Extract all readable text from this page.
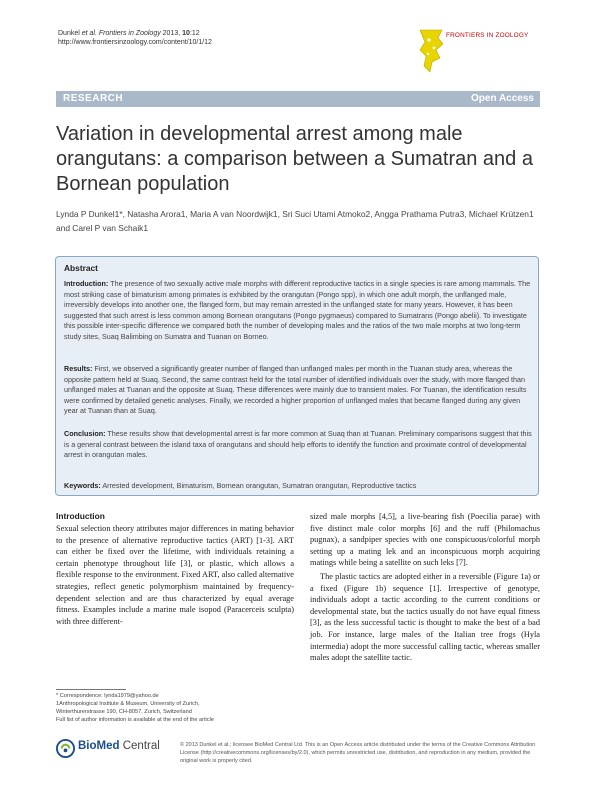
Dunkel et al. Frontiers in Zoology 2013, 10:12
http://www.frontiersinzoology.com/content/10/1/12
FRONTIERS IN ZOOLOGY
RESEARCH	Open Access
Variation in developmental arrest among male orangutans: a comparison between a Sumatran and a Bornean population
Lynda P Dunkel1*, Natasha Arora1, Maria A van Noordwijk1, Sri Suci Utami Atmoko2, Angga Prathama Putra3, Michael Krützen1 and Carel P van Schaik1
Abstract
Introduction: The presence of two sexually active male morphs with different reproductive tactics in a single species is rare among mammals. The most striking case of bimaturism among primates is exhibited by the orangutan (Pongo spp), in which one adult morph, the unflanged male, irreversibly develops into another one, the flanged form, but may remain arrested in the unflanged state for many years. However, it has been suggested that such arrest is less common among Bornean orangutans (Pongo pygmaeus) compared to Sumatrans (Pongo abelii). To investigate this possible inter-specific difference we compared both the number of developing males and the ratios of the two male morphs at two long-term study sites, Suaq Balimbing on Sumatra and Tuanan on Borneo.
Results: First, we observed a significantly greater number of flanged than unflanged males per month in the Tuanan study area, whereas the opposite pattern held at Suaq. Second, the same contrast held for the total number of identified individuals over the study, with more flanged than unflanged males at Tuanan and the opposite at Suaq. These differences were mainly due to transient males. For Tuanan, the identification results were confirmed by detailed genetic analyses. Finally, we recorded a higher proportion of unflanged males that became flanged during any given year at Tuanan than at Suaq.
Conclusion: These results show that developmental arrest is far more common at Suaq than at Tuanan. Preliminary comparisons suggest that this is a general contrast between the island taxa of orangutans and should help efforts to identify the function and proximate control of developmental arrest in orangutan males.
Keywords: Arrested development, Bimaturism, Bornean orangutan, Sumatran orangutan, Reproductive tactics
Introduction

Sexual selection theory attributes major differences in mating behavior to the presence of alternative reproductive tactics (ART) [1-3]. ART can either be fixed over the lifetime, with individuals retaining a certain phenotype throughout life [3], or plastic, which allows a flexible response to the environment. Fixed ART, also called alternative strategies, reflect genetic polymorphism maintained by frequency-dependent selection and are thus characterized by equal average fitness. Examples include a marine male isopod (Paracerceis sculpta) with three different-

sized male morphs [4,5], a live-bearing fish (Poecilia parae) with five distinct male color morphs [6] and the ruff (Philomachus pugnax), a sandpiper species with one conspicuous/colorful morph setting up a mating lek and an inconspicuous morph acquiring matings while being a satellite on such leks [7].

The plastic tactics are adopted either in a reversible (Figure 1a) or a fixed (Figure 1b) sequence [1]. Irrespective of genotype, individuals adopt a tactic according to the current conditions or developmental state, but the tactics usually do not have equal fitness [3], as the less successful tactic is thought to make the best of a bad job. For instance, large males of the Italian tree frogs (Hyla intermedia) adopt the more successful calling tactic, whereas smaller males adopt the satellite tactic.

* Correspondence: lynda1979@yahoo.de
1Anthropological Institute & Museum, University of Zurich,
Winterthurerstrasse 190, CH-8057, Zurich, Switzerland
Full list of author information is available at the end of the article
BioMed Central	© 2013 Dunkel et al.; licensee BioMed Central Ltd. This is an Open Access article distributed under the terms of the Creative Commons Attribution License (http://creativecommons.org/licenses/by/2.0), which permits unrestricted use, distribution, and reproduction in any medium, provided the original work is properly cited.
